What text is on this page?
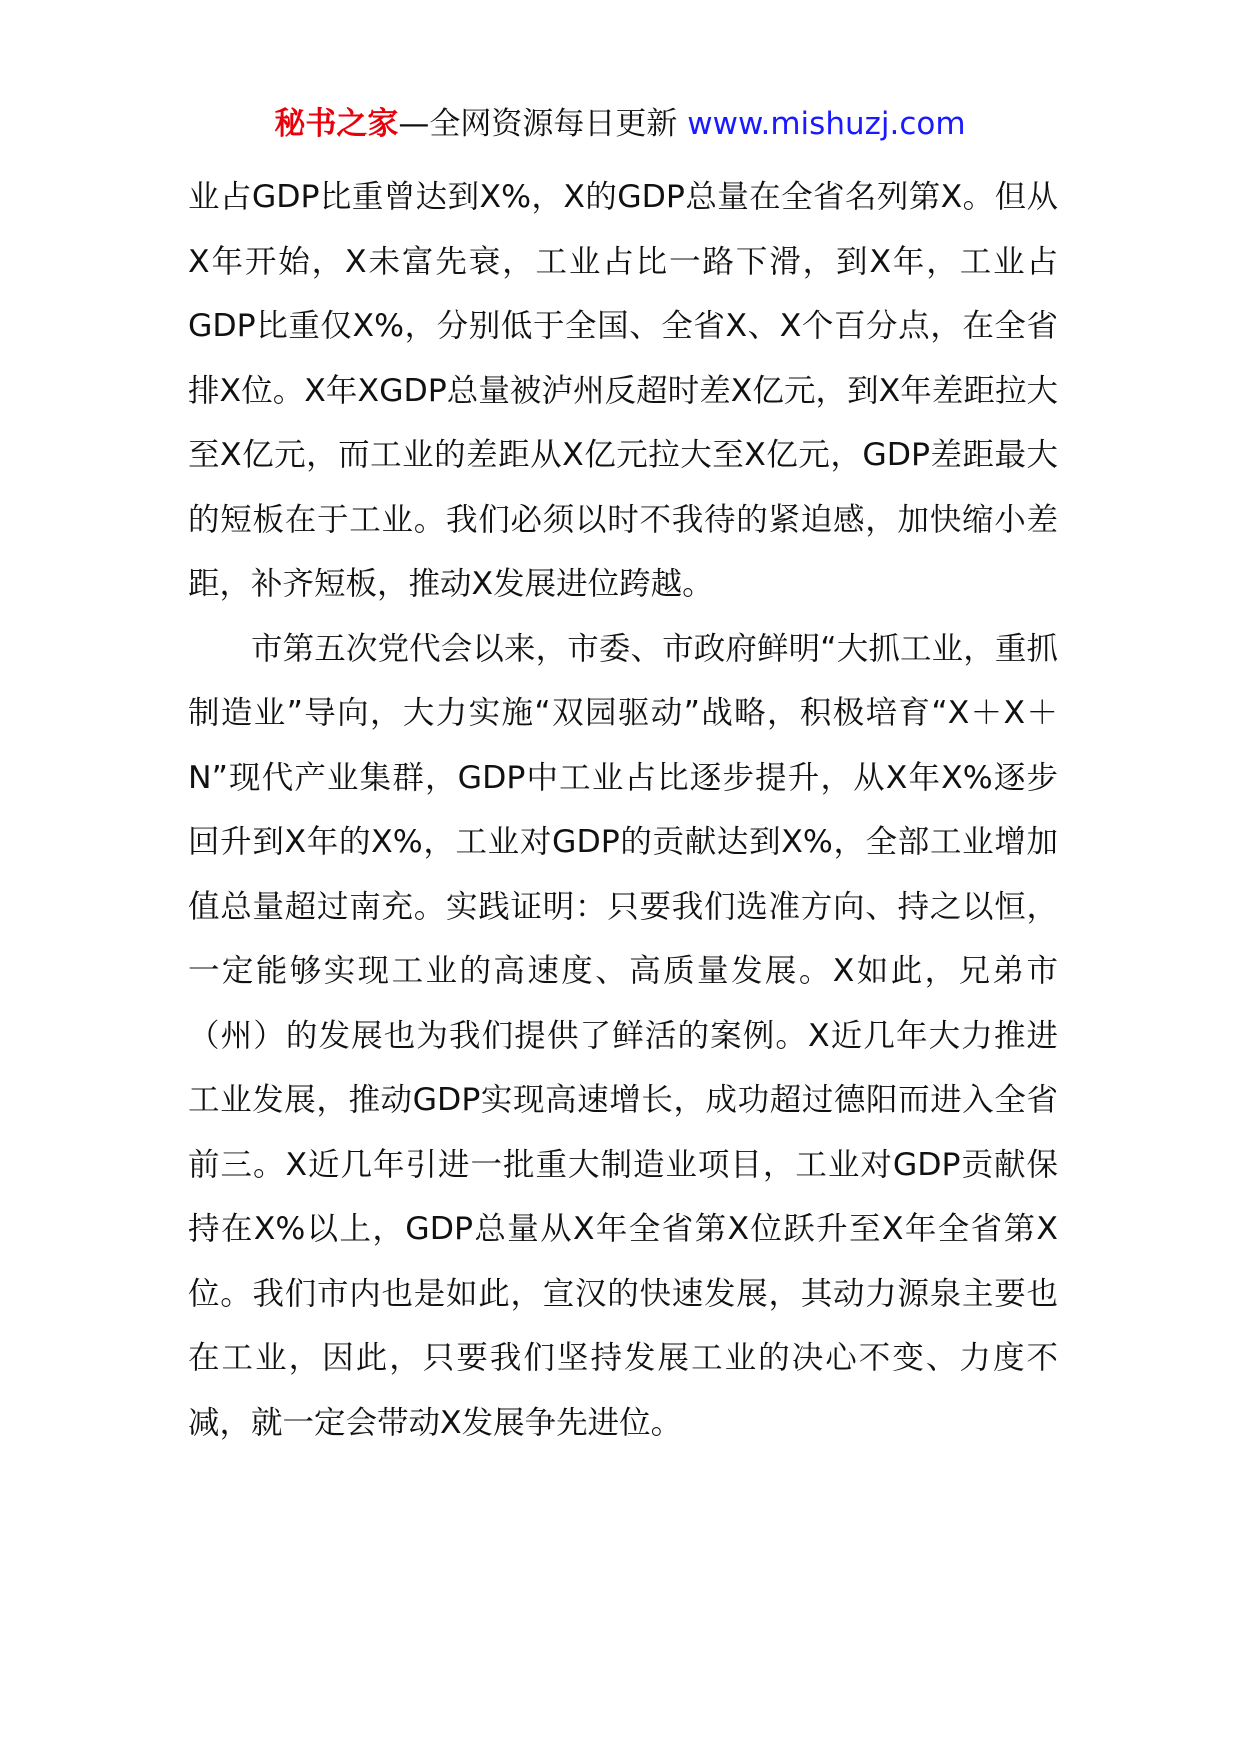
秘书之家—全网资源每日更新 www.mishuzj.com

业占GDP比重曾达到X%，X的GDP总量在全省名列第X。但从X年开始，X未富先衰，工业占比一路下滑，到X年，工业占GDP比重仅X%，分别低于全国、全省X、X个百分点，在全省排X位。X年XGDP总量被泸州反超时差X亿元，到X年差距拉大至X亿元，而工业的差距从X亿元拉大至X亿元，GDP差距最大的短板在于工业。我们必须以时不我待的紧迫感，加快缩小差距，补齐短板，推动X发展进位跨越。

市第五次党代会以来，市委、市政府鲜明“大抓工业，重抓制造业”导向，大力实施“双园驱动”战略，积极培育“X＋X＋N”现代产业集群，GDP中工业占比逐步提升，从X年X%逐步回升到X年的X%，工业对GDP的贡献达到X%，全部工业增加值总量超过南充。实践证明：只要我们选准方向、持之以恒，一定能够实现工业的高速度、高质量发展。X如此，兄弟市（州）的发展也为我们提供了鲜活的案例。X近几年大力推进工业发展，推动GDP实现高速增长，成功超过德阳而进入全省前三。X近几年引进一批重大制造业项目，工业对GDP贡献保持在X%以上，GDP总量从X年全省第X位跃升至X年全省第X位。我们市内也是如此，宣汉的快速发展，其动力源泉主要也在工业，因此，只要我们坚持发展工业的决心不变、力度不减，就一定会带动X发展争先进位。
